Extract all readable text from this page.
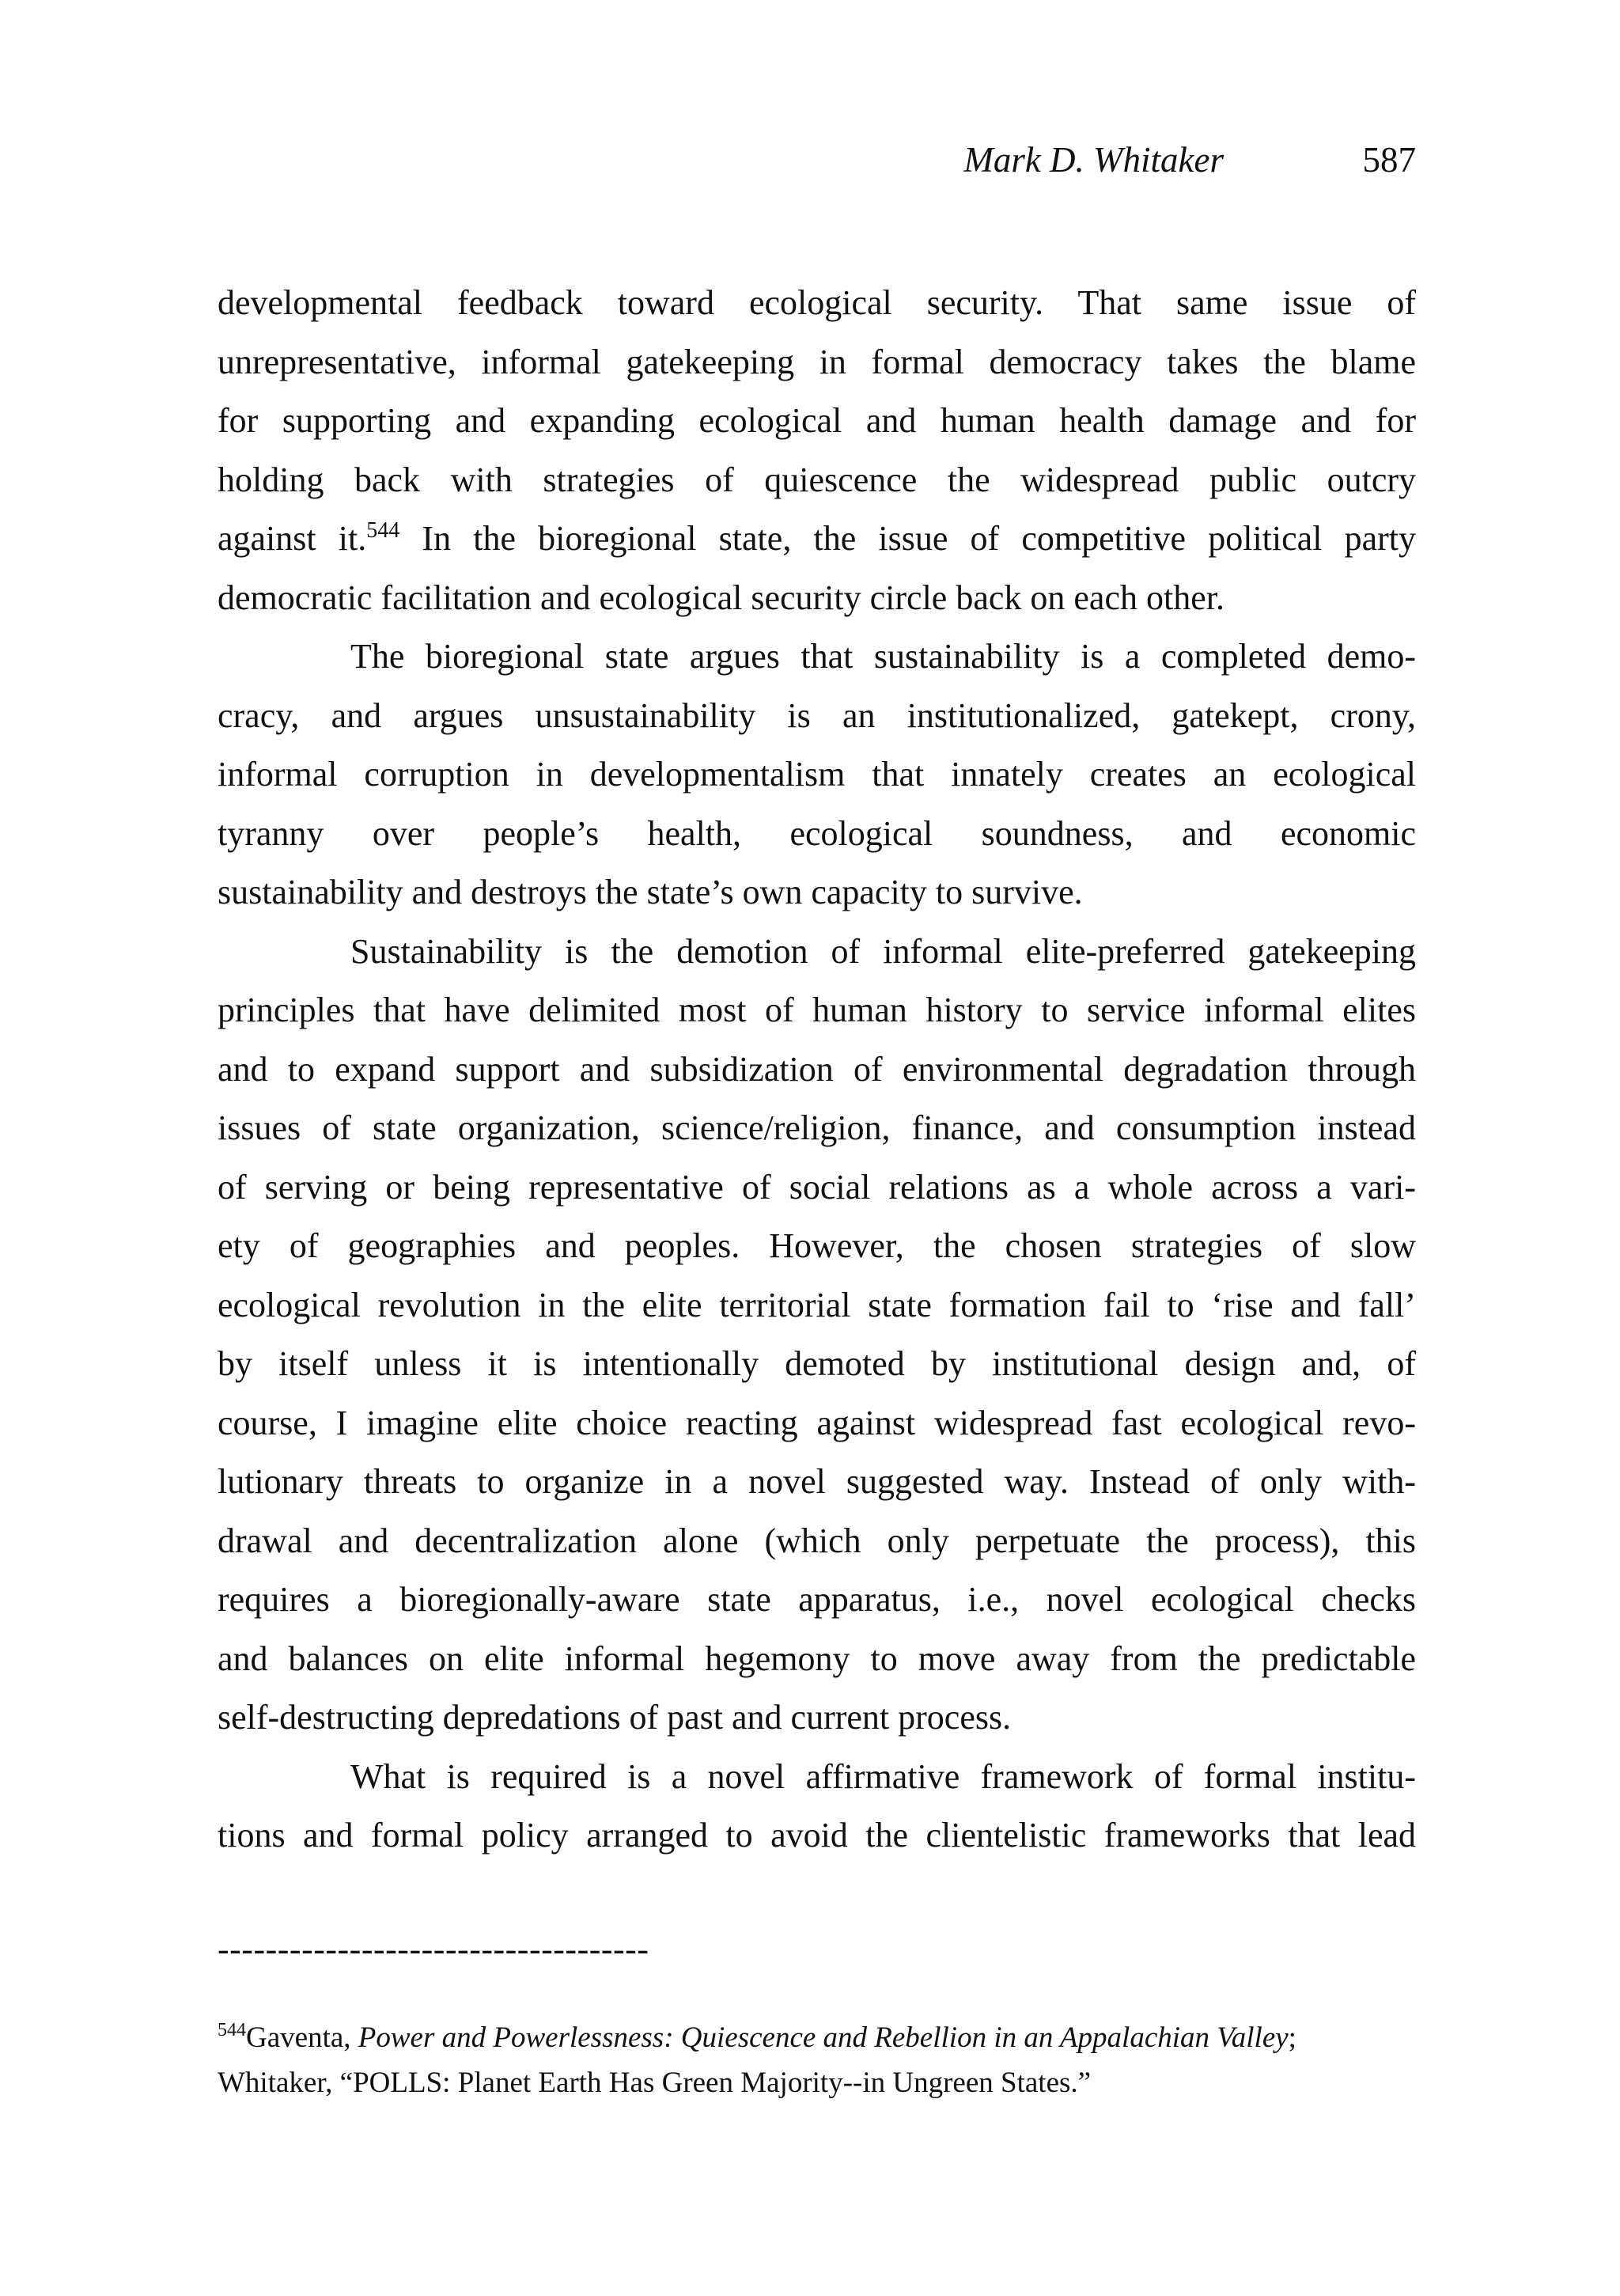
Mark D. Whitaker	587
developmental feedback toward ecological security. That same issue of
unrepresentative, informal gatekeeping in formal democracy takes the blame
for supporting and expanding ecological and human health damage and for
holding back with strategies of quiescence the widespread public outcry
against it.$^{544}$ In the bioregional state, the issue of competitive political party
democratic facilitation and ecological security circle back on each other.
The bioregional state argues that sustainability is a completed demo-
cracy, and argues unsustainability is an institutionalized, gatekept, crony,
informal corruption in developmentalism that innately creates an ecological
tyranny over people’s health, ecological soundness, and economic
sustainability and destroys the state’s own capacity to survive.
Sustainability is the demotion of informal elite-preferred gatekeeping
principles that have delimited most of human history to service informal elites
and to expand support and subsidization of environmental degradation through
issues of state organization, science/religion, finance, and consumption instead
of serving or being representative of social relations as a whole across a vari-
ety of geographies and peoples. However, the chosen strategies of slow
ecological revolution in the elite territorial state formation fail to ‘rise and fall’
by itself unless it is intentionally demoted by institutional design and, of
course, I imagine elite choice reacting against widespread fast ecological revo-
lutionary threats to organize in a novel suggested way. Instead of only with-
drawal and decentralization alone (which only perpetuate the process), this
requires a bioregionally-aware state apparatus, i.e., novel ecological checks
and balances on elite informal hegemony to move away from the predictable
self-destructing depredations of past and current process.
What is required is a novel affirmative framework of formal institu-
tions and formal policy arranged to avoid the clientelistic frameworks that lead
------------------------------------
$^{544}$Gaventa, Power and Powerlessness: Quiescence and Rebellion in an Appalachian Valley;
Whitaker, “POLLS: Planet Earth Has Green Majority--in Ungreen States.”
